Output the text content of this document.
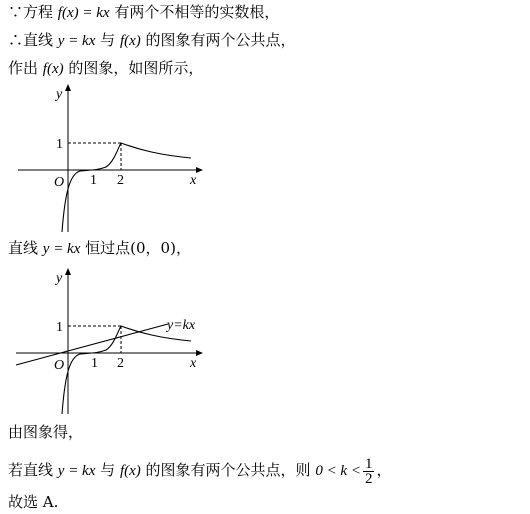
∵方程 f(x) = kx 有两个不相等的实数根，
∴直线 y = kx 与 f(x) 的图象有两个公共点，
作出 f(x) 的图象，如图所示，
y
x
O 1 2
1
直线 y = kx 恒过点(0，0)，
y
x
O 1 2
1	y=kx
由图象得，
若直线 y = kx 与 f(x) 的图象有两个公共点，则 $0 < k < \frac{1}{2}$ ，
故选 A.
